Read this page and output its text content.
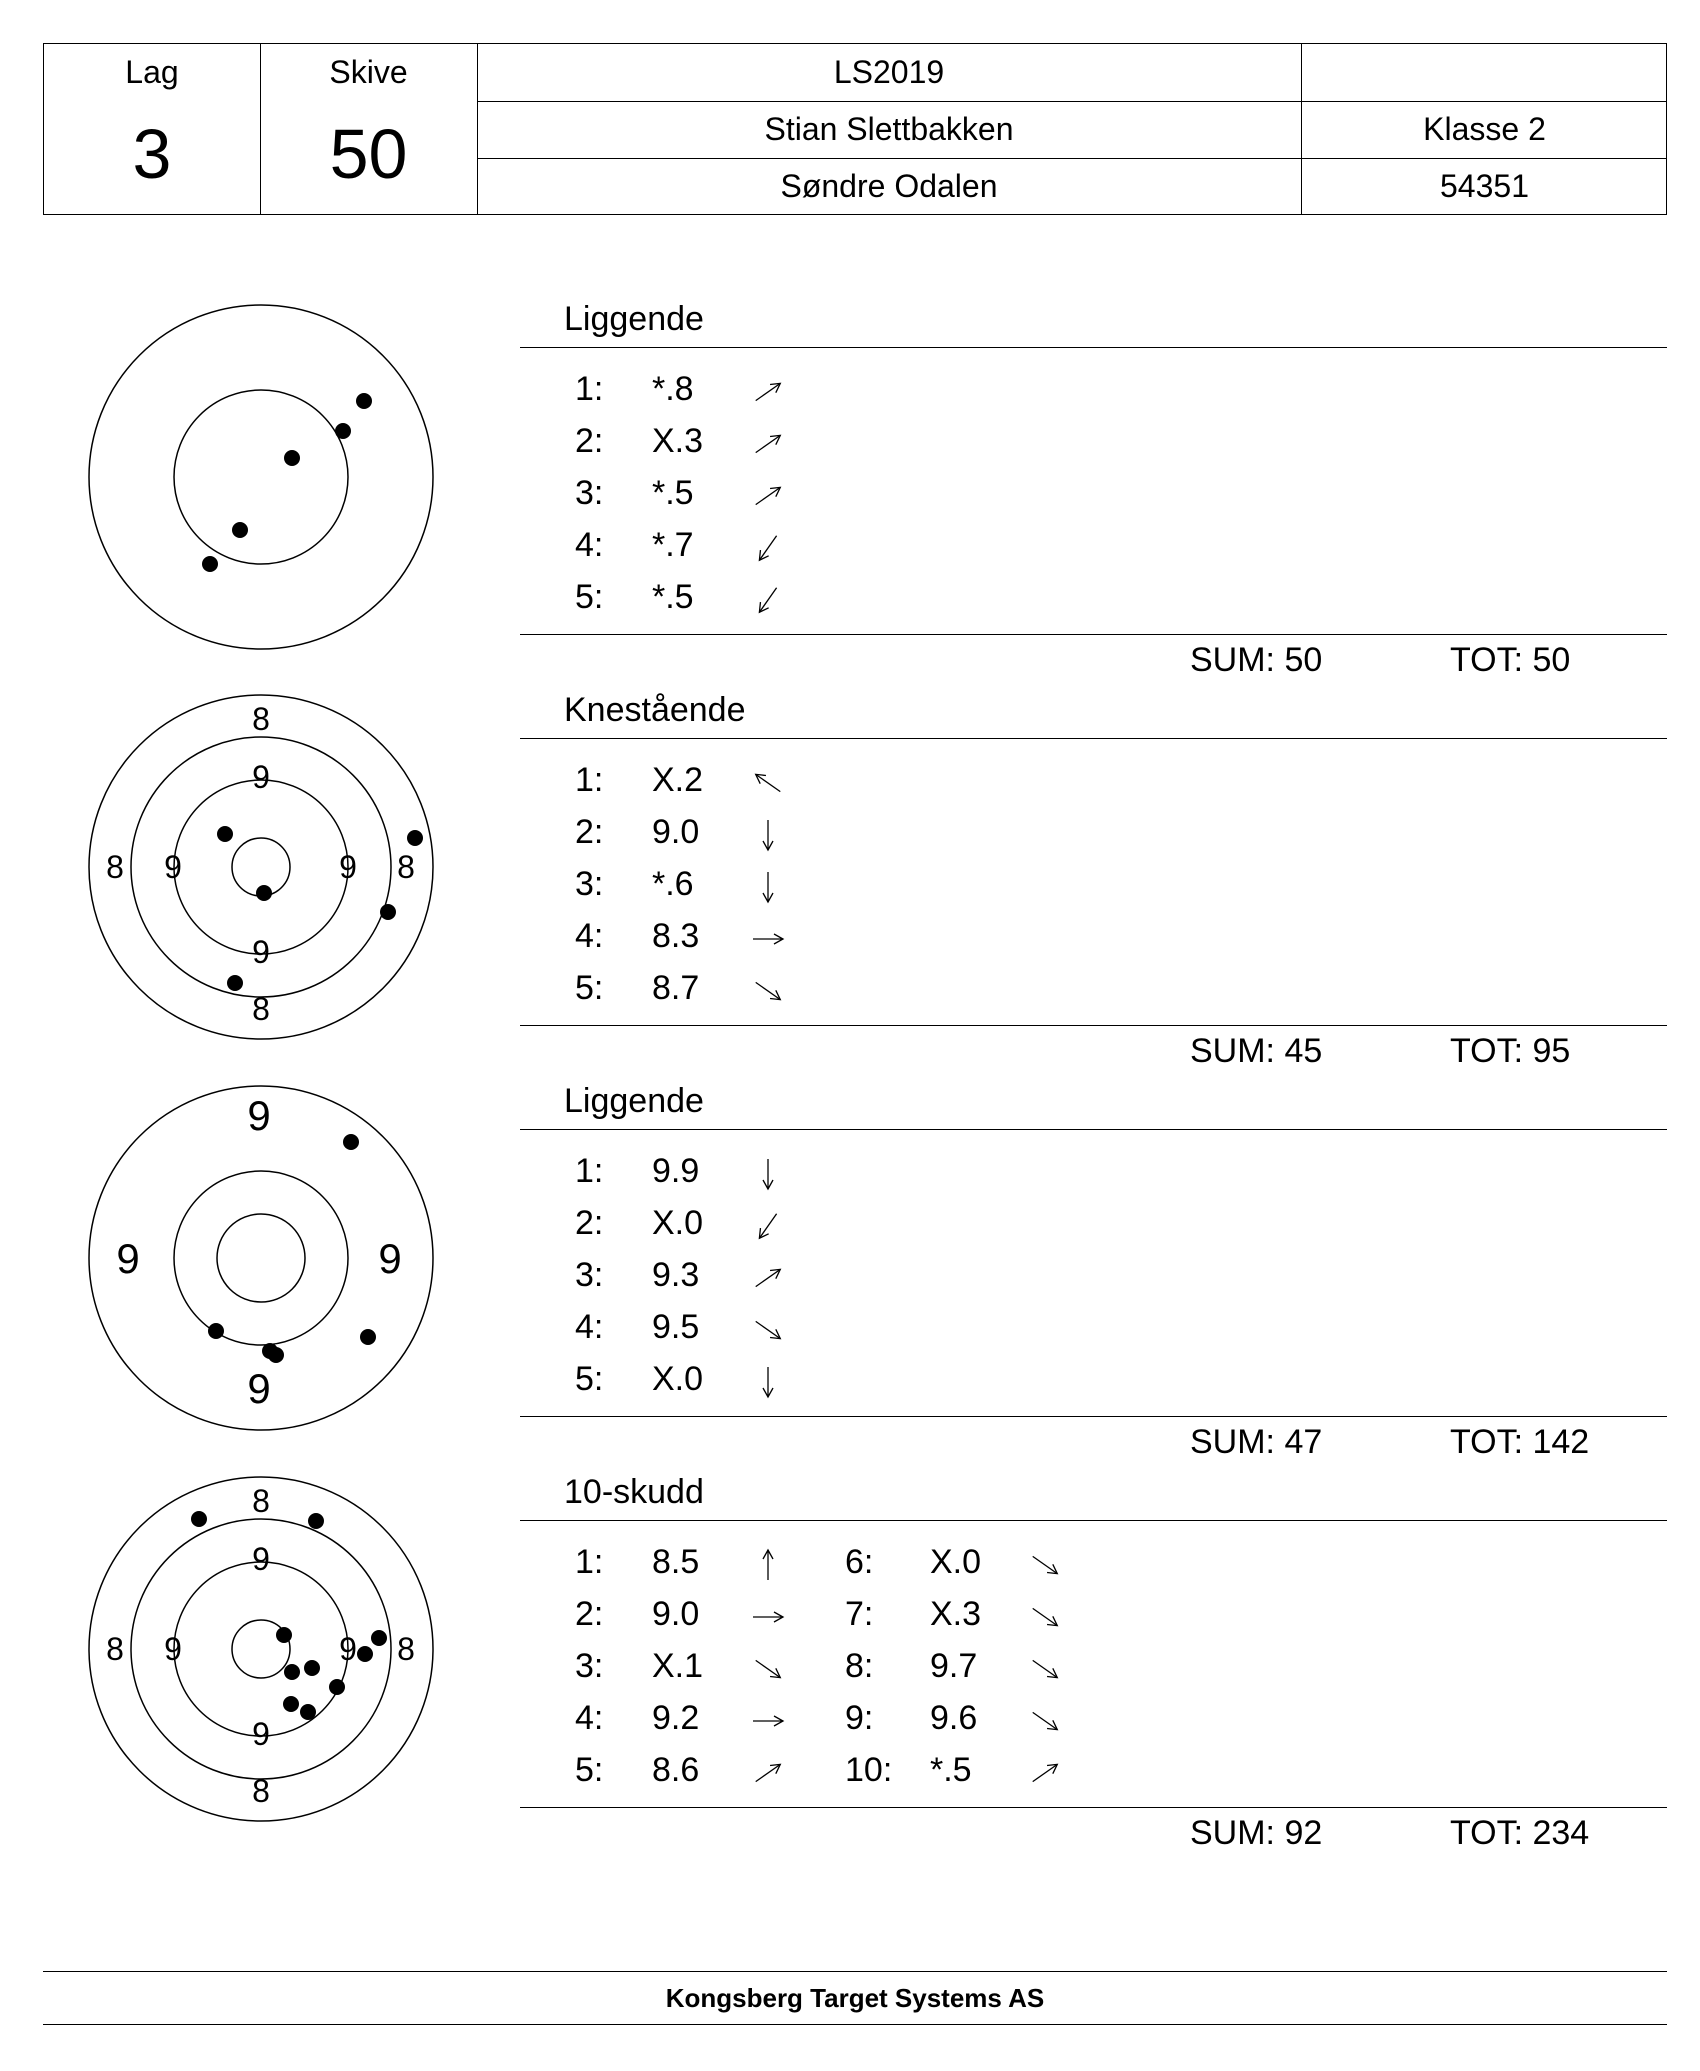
Lag
3
Skive
50
LS2019
Stian Slettbakken	Klasse 2
Søndre Odalen	54351
8
9
8 9	9 8
9
8
9
9	9
9
8
9
8 9	9 8
9
8
Liggende
1: *.8
2: X.3
3: *.5
4: *.7
5: *.5
SUM: 50	TOT: 50
Knestående
1: X.2
2: 9.0
3: *.6
4: 8.3
5: 8.7
SUM: 45	TOT: 95
Liggende
1: 9.9
2: X.0
3: 9.3
4: 9.5
5: X.0
SUM: 47	TOT: 142
10-skudd
1: 8.5
2: 9.0
3: X.1
4: 9.2
5: 8.6
6: X.0
7: X.3
8: 9.7
9: 9.6
10: *.5
SUM: 92	TOT: 234
Kongsberg Target Systems AS
